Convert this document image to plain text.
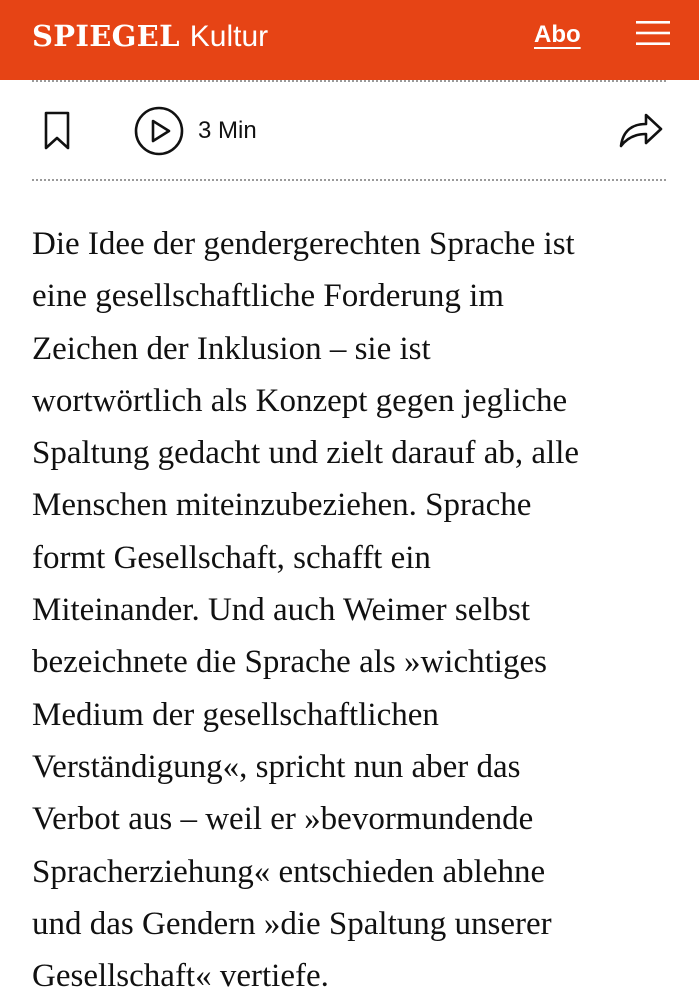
SPIEGEL Kultur	Abo
3 Min
Die Idee der gendergerechten Sprache ist
eine gesellschaftliche Forderung im
Zeichen der Inklusion – sie ist
wortwörtlich als Konzept gegen jegliche
Spaltung gedacht und zielt darauf ab, alle
Menschen miteinzubeziehen. Sprache
formt Gesellschaft, schafft ein
Miteinander. Und auch Weimer selbst
bezeichnete die Sprache als »wichtiges
Medium der gesellschaftlichen
Verständigung«, spricht nun aber das
Verbot aus – weil er »bevormundende
Spracherziehung« entschieden ablehne
und das Gendern »die Spaltung unserer
Gesellschaft« vertiefe.
